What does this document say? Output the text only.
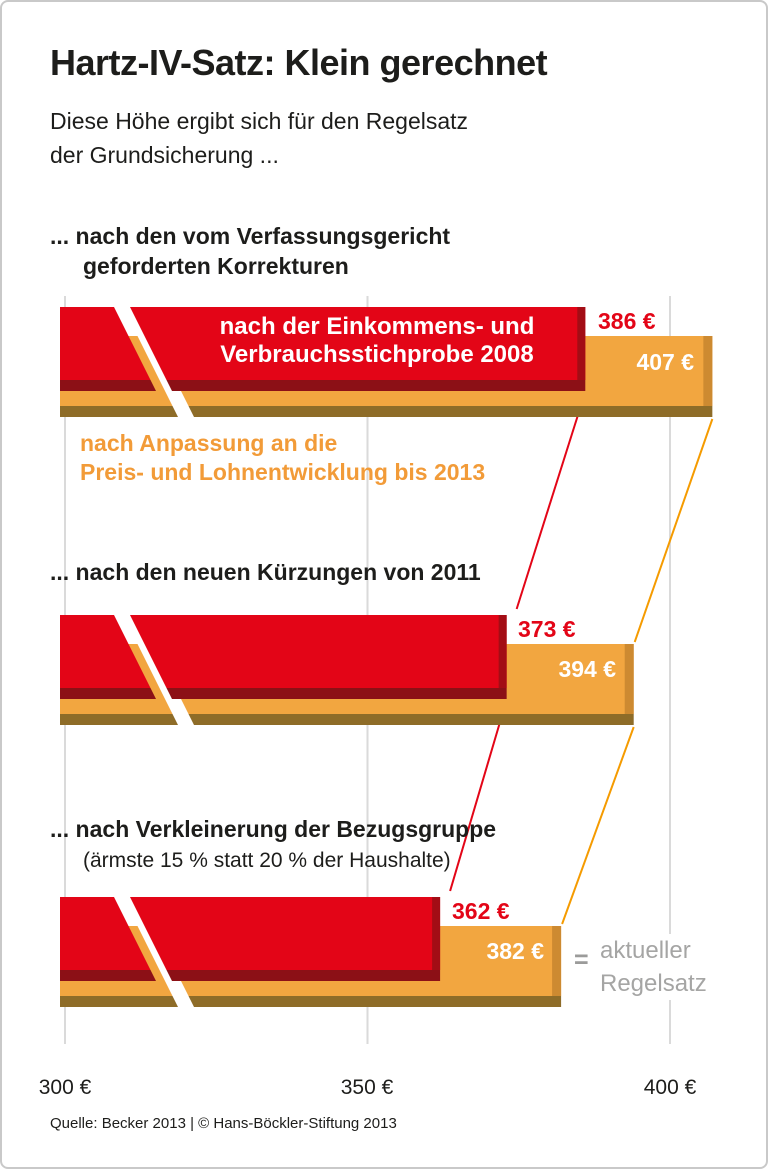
Hartz-IV-Satz: Klein gerechnet
Diese Höhe ergibt sich für den Regelsatz
der Grundsicherung ...
... nach den vom Verfassungsgericht
geforderten Korrekturen
nach der Einkommens- und
Verbrauchsstichprobe 2008
386 €
407 €
nach Anpassung an die
Preis- und Lohnentwicklung bis 2013
... nach den neuen Kürzungen von 2011
373 €
394 €
... nach Verkleinerung der Bezugsgruppe
(ärmste 15 % statt 20 % der Haushalte)
362 €
382 € = aktueller
Regelsatz
300 €	350 €	400 €
Quelle: Becker 2013 | © Hans-Böckler-Stiftung 2013
